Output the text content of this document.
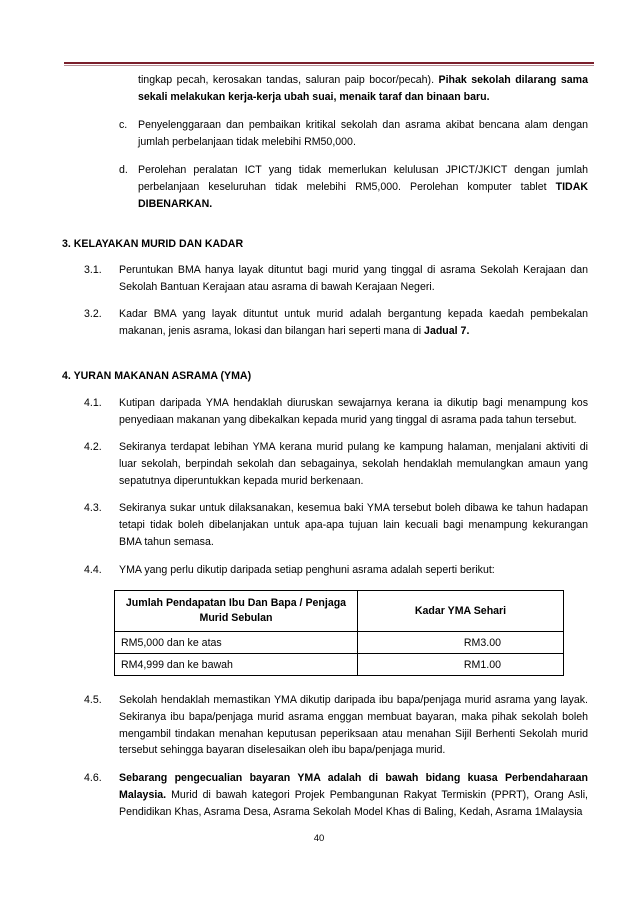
tingkap pecah, kerosakan tandas, saluran paip bocor/pecah). Pihak sekolah dilarang sama sekali melakukan kerja-kerja ubah suai, menaik taraf dan binaan baru.
c. Penyelenggaraan dan pembaikan kritikal sekolah dan asrama akibat bencana alam dengan jumlah perbelanjaan tidak melebihi RM50,000.
d. Perolehan peralatan ICT yang tidak memerlukan kelulusan JPICT/JKICT dengan jumlah perbelanjaan keseluruhan tidak melebihi RM5,000. Perolehan komputer tablet TIDAK DIBENARKAN.
3. KELAYAKAN MURID DAN KADAR
3.1. Peruntukan BMA hanya layak dituntut bagi murid yang tinggal di asrama Sekolah Kerajaan dan Sekolah Bantuan Kerajaan atau asrama di bawah Kerajaan Negeri.
3.2. Kadar BMA yang layak dituntut untuk murid adalah bergantung kepada kaedah pembekalan makanan, jenis asrama, lokasi dan bilangan hari seperti mana di Jadual 7.
4. YURAN MAKANAN ASRAMA (YMA)
4.1. Kutipan daripada YMA hendaklah diuruskan sewajarnya kerana ia dikutip bagi menampung kos penyediaan makanan yang dibekalkan kepada murid yang tinggal di asrama pada tahun tersebut.
4.2. Sekiranya terdapat lebihan YMA kerana murid pulang ke kampung halaman, menjalani aktiviti di luar sekolah, berpindah sekolah dan sebagainya, sekolah hendaklah memulangkan amaun yang sepatutnya diperuntukkan kepada murid berkenaan.
4.3. Sekiranya sukar untuk dilaksanakan, kesemua baki YMA tersebut boleh dibawa ke tahun hadapan tetapi tidak boleh dibelanjakan untuk apa-apa tujuan lain kecuali bagi menampung kekurangan BMA tahun semasa.
4.4. YMA yang perlu dikutip daripada setiap penghuni asrama adalah seperti berikut:
Jumlah Pendapatan Ibu Dan Bapa / Penjaga Murid Sebulan	Kadar YMA Sehari
RM5,000 dan ke atas	RM3.00
RM4,999 dan ke bawah	RM1.00
4.5. Sekolah hendaklah memastikan YMA dikutip daripada ibu bapa/penjaga murid asrama yang layak. Sekiranya ibu bapa/penjaga murid asrama enggan membuat bayaran, maka pihak sekolah boleh mengambil tindakan menahan keputusan peperiksaan atau menahan Sijil Berhenti Sekolah murid tersebut sehingga bayaran diselesaikan oleh ibu bapa/penjaga murid.
4.6. Sebarang pengecualian bayaran YMA adalah di bawah bidang kuasa Perbendaharaan Malaysia. Murid di bawah kategori Projek Pembangunan Rakyat Termiskin (PPRT), Orang Asli, Pendidikan Khas, Asrama Desa, Asrama Sekolah Model Khas di Baling, Kedah, Asrama 1Malaysia
40
